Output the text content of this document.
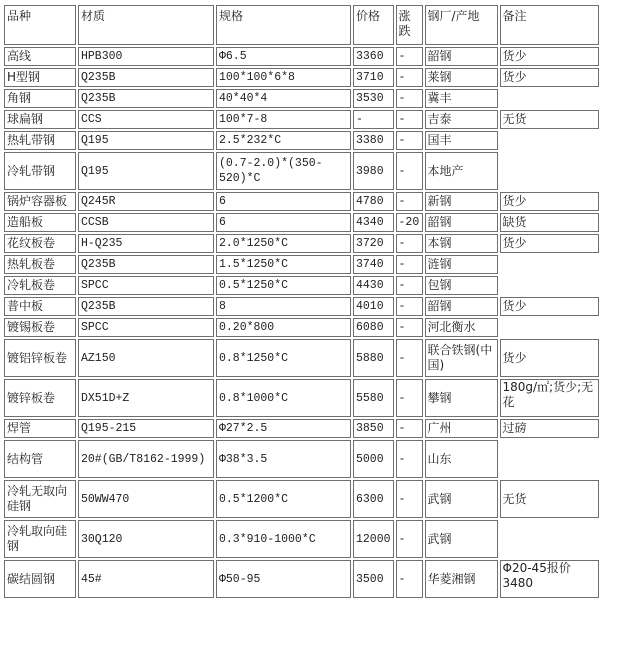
品种	材质	规格	价格	涨跌	钢厂/产地	备注
高线	HPB300	Φ6.5	3360	-	韶钢	货少
H型钢	Q235B	100*100*6*8	3710	-	莱钢	货少
角钢	Q235B	40*40*4	3530	-	冀丰	
球扁钢	CCS	100*7-8	-	-	吉泰	无货
热轧带钢	Q195	2.5*232*C	3380	-	国丰	
冷轧带钢	Q195	(0.7-2.0)*(350-520)*C	3980	-	本地产	
锅炉容器板	Q245R	6	4780	-	新钢	货少
造船板	CCSB	6	4340	-20	韶钢	缺货
花纹板卷	H-Q235	2.0*1250*C	3720	-	本钢	货少
热轧板卷	Q235B	1.5*1250*C	3740	-	涟钢	
冷轧板卷	SPCC	0.5*1250*C	4430	-	包钢	
普中板	Q235B	8	4010	-	韶钢	货少
镀锡板卷	SPCC	0.20*800	6080	-	河北衡水	
镀铝锌板卷	AZ150	0.8*1250*C	5880	-	联合铁钢(中国)	货少
镀锌板卷	DX51D+Z	0.8*1000*C	5580	-	攀钢	180g/㎡;货少;无花
焊管	Q195-215	Φ27*2.5	3850	-	广州	过磅
结构管	20#(GB/T8162-1999)	Φ38*3.5	5000	-	山东	
冷轧无取向硅钢	50WW470	0.5*1200*C	6300	-	武钢	无货
冷轧取向硅钢	30Q120	0.3*910-1000*C	12000	-	武钢	
碳结圆钢	45#	Φ50-95	3500	-	华菱湘钢	Φ20-45报价3480
